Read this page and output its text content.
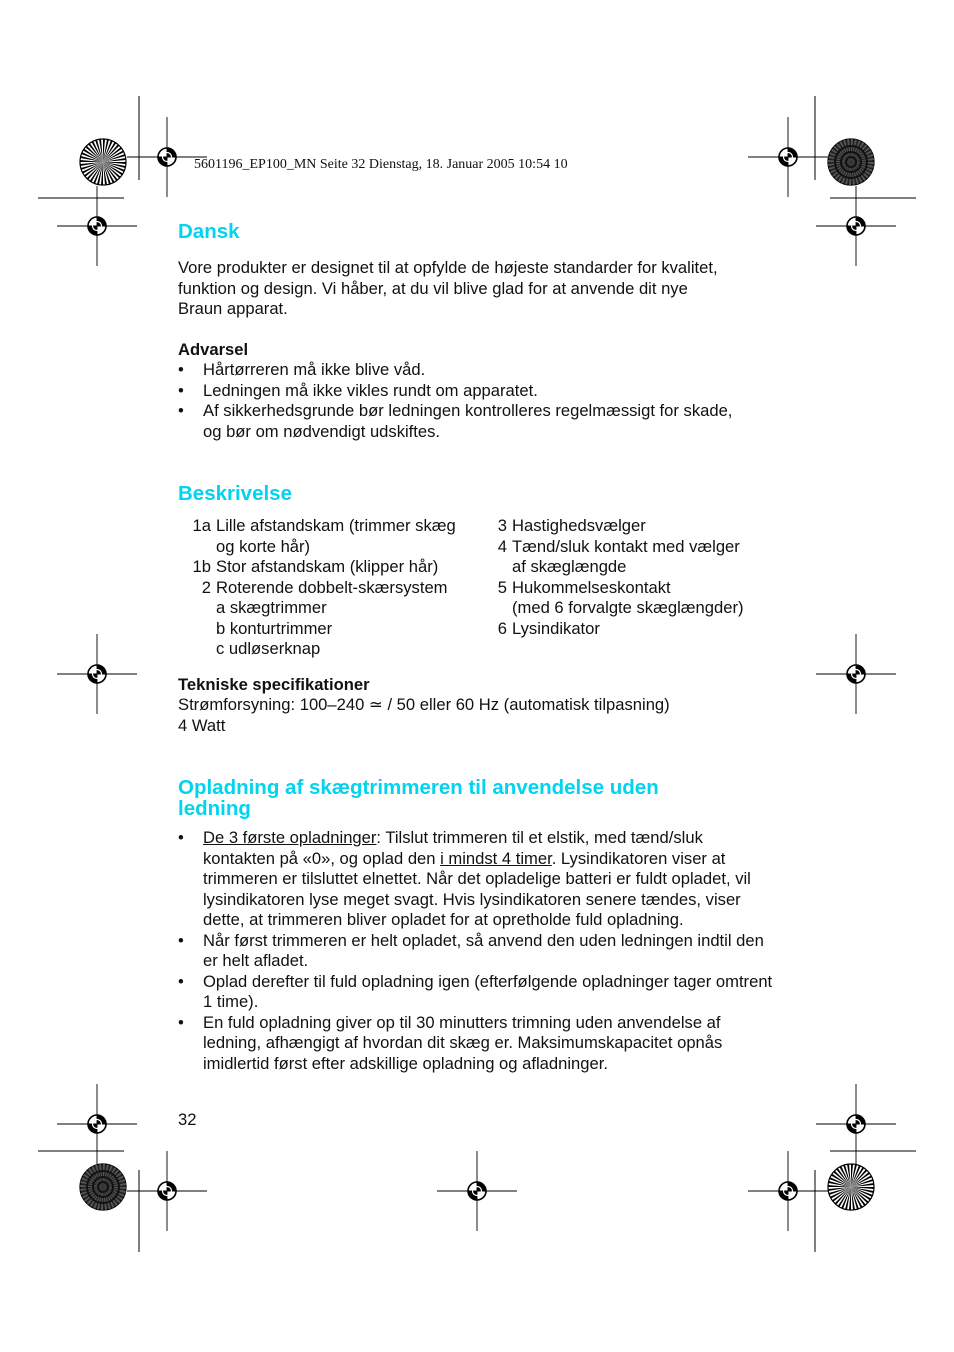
5601196_EP100_MN Seite 32 Dienstag, 18. Januar 2005 10:54 10
Dansk
Vore produkter er designet til at opfylde de højeste standarder for kvalitet,
funktion og design. Vi håber, at du vil blive glad for at anvende dit nye
Braun apparat.
Advarsel
• Hårtørreren må ikke blive våd.
• Ledningen må ikke vikles rundt om apparatet.
• Af sikkerhedsgrunde bør ledningen kontrolleres regelmæssigt for skade, og bør om nødvendigt udskiftes.
Beskrivelse
1a Lille afstandskam (trimmer skæg
og korte hår)
1b Stor afstandskam (klipper hår)
2 Roterende dobbelt-skærsystem
a skægtrimmer
b konturtrimmer
c udløserknap
3 Hastighedsvælger
4 Tænd/sluk kontakt med vælger
af skæglængde
5 Hukommelseskontakt
(med 6 forvalgte skæglængder)
6 Lysindikator
Tekniske specifikationer
Strømforsyning: 100–240 ≃ / 50 eller 60 Hz (automatisk tilpasning)
4 Watt
Opladning af skægtrimmeren til anvendelse uden
ledning
• De 3 første opladninger: Tilslut trimmeren til et elstik, med tænd/sluk kontakten på «0», og oplad den i mindst 4 timer. Lysindikatoren viser at trimmeren er tilsluttet elnettet. Når det opladelige batteri er fuldt opladet, vil lysindikatoren lyse meget svagt. Hvis lysindikatoren senere tændes, viser dette, at trimmeren bliver opladet for at opretholde fuld opladning.
• Når først trimmeren er helt opladet, så anvend den uden ledningen indtil den er helt afladet.
• Oplad derefter til fuld opladning igen (efterfølgende opladninger tager omtrent 1 time).
• En fuld opladning giver op til 30 minutters trimning uden anvendelse af ledning, afhængigt af hvordan dit skæg er. Maksimumskapacitet opnås imidlertid først efter adskillige opladning og afladninger.
32
